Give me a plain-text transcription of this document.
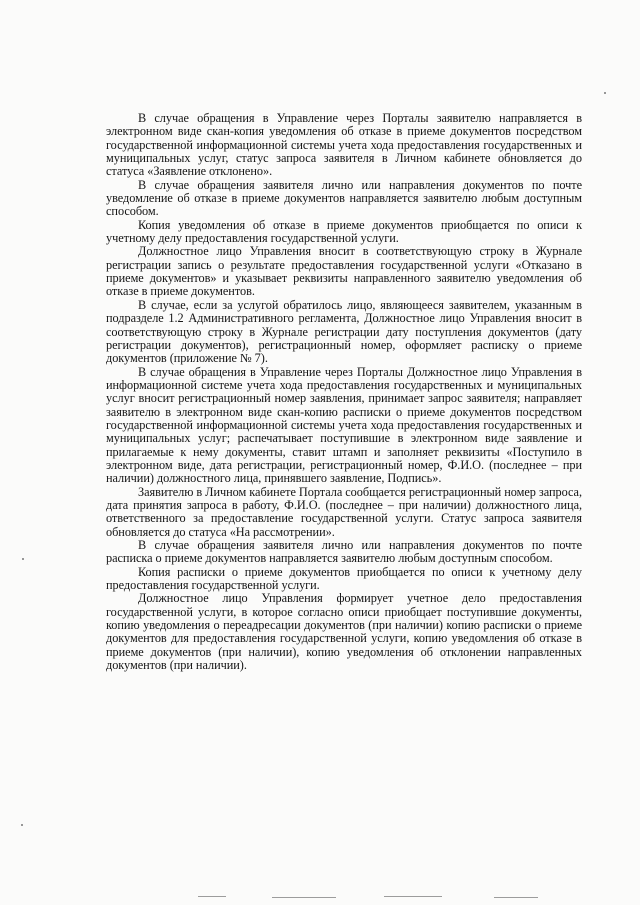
В случае обращения в Управление через Порталы заявителю направляется в электронном виде скан-копия уведомления об отказе в приеме документов посредством государственной информационной системы учета хода предоставления государственных и муниципальных услуг, статус запроса заявителя в Личном кабинете обновляется до статуса «Заявление отклонено».

В случае обращения заявителя лично или направления документов по почте уведомление об отказе в приеме документов направляется заявителю любым доступным способом.

Копия уведомления об отказе в приеме документов приобщается по описи к учетному делу предоставления государственной услуги.

Должностное лицо Управления вносит в соответствующую строку в Журнале регистрации запись о результате предоставления государственной услуги «Отказано в приеме документов» и указывает реквизиты направленного заявителю уведомления об отказе в приеме документов.

В случае, если за услугой обратилось лицо, являющееся заявителем, указанным в подразделе 1.2 Административного регламента, Должностное лицо Управления вносит в соответствующую строку в Журнале регистрации дату поступления документов (дату регистрации документов), регистрационный номер, оформляет расписку о приеме документов (приложение № 7).

В случае обращения в Управление через Порталы Должностное лицо Управления в информационной системе учета хода предоставления государственных и муниципальных услуг вносит регистрационный номер заявления, принимает запрос заявителя; направляет заявителю в электронном виде скан-копию расписки о приеме документов посредством государственной информационной системы учета хода предоставления государственных и муниципальных услуг; распечатывает поступившие в электронном виде заявление и прилагаемые к нему документы, ставит штамп и заполняет реквизиты «Поступило в электронном виде, дата регистрации, регистрационный номер, Ф.И.О. (последнее – при наличии) должностного лица, принявшего заявление, Подпись».

Заявителю в Личном кабинете Портала сообщается регистрационный номер запроса, дата принятия запроса в работу, Ф.И.О. (последнее – при наличии) должностного лица, ответственного за предоставление государственной услуги. Статус запроса заявителя обновляется до статуса «На рассмотрении».

В случае обращения заявителя лично или направления документов по почте расписка о приеме документов направляется заявителю любым доступным способом.

Копия расписки о приеме документов приобщается по описи к учетному делу предоставления государственной услуги.

Должностное лицо Управления формирует учетное дело предоставления государственной услуги, в которое согласно описи приобщает поступившие документы, копию уведомления о переадресации документов (при наличии) копию расписки о приеме документов для предоставления государственной услуги, копию уведомления об отказе в приеме документов (при наличии), копию уведомления об отклонении направленных документов (при наличии).
